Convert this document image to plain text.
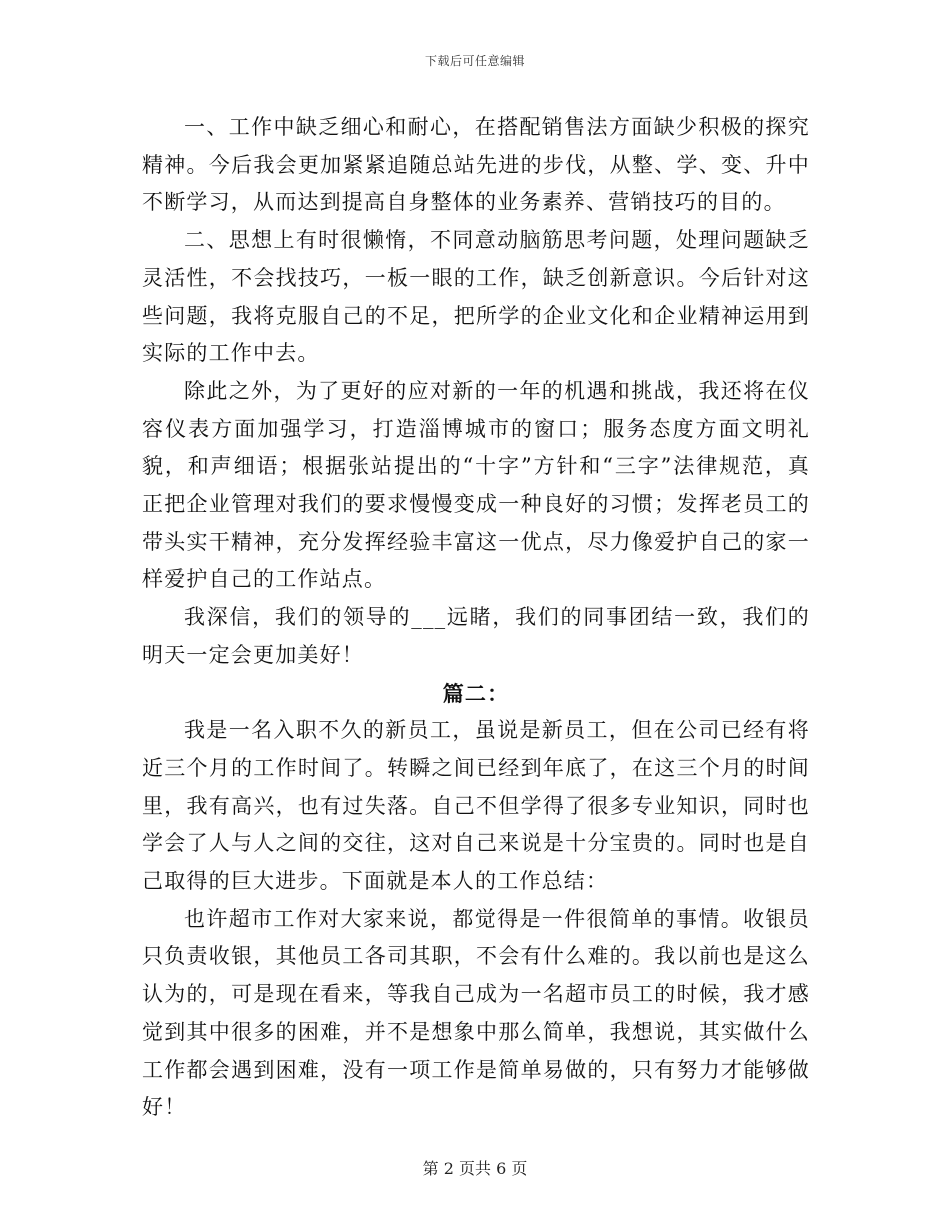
下载后可任意编辑

一、工作中缺乏细心和耐心，在搭配销售法方面缺少积极的探究精神。今后我会更加紧紧追随总站先进的步伐，从整、学、变、升中不断学习，从而达到提高自身整体的业务素养、营销技巧的目的。

二、思想上有时很懒惰，不同意动脑筋思考问题，处理问题缺乏灵活性，不会找技巧，一板一眼的工作，缺乏创新意识。今后针对这些问题，我将克服自己的不足，把所学的企业文化和企业精神运用到实际的工作中去。

除此之外，为了更好的应对新的一年的机遇和挑战，我还将在仪容仪表方面加强学习，打造淄博城市的窗口；服务态度方面文明礼貌，和声细语；根据张站提出的“十字”方针和“三字”法律规范，真正把企业管理对我们的要求慢慢变成一种良好的习惯；发挥老员工的带头实干精神，充分发挥经验丰富这一优点，尽力像爱护自己的家一样爱护自己的工作站点。

我深信，我们的领导的___远睹，我们的同事团结一致，我们的明天一定会更加美好！

篇二：

我是一名入职不久的新员工，虽说是新员工，但在公司已经有将近三个月的工作时间了。转瞬之间已经到年底了，在这三个月的时间里，我有高兴，也有过失落。自己不但学得了很多专业知识，同时也学会了人与人之间的交往，这对自己来说是十分宝贵的。同时也是自己取得的巨大进步。下面就是本人的工作总结：

也许超市工作对大家来说，都觉得是一件很简单的事情。收银员只负责收银，其他员工各司其职，不会有什么难的。我以前也是这么认为的，可是现在看来，等我自己成为一名超市员工的时候，我才感觉到其中很多的困难，并不是想象中那么简单，我想说，其实做什么工作都会遇到困难，没有一项工作是简单易做的，只有努力才能够做好！

第 2 页共 6 页
